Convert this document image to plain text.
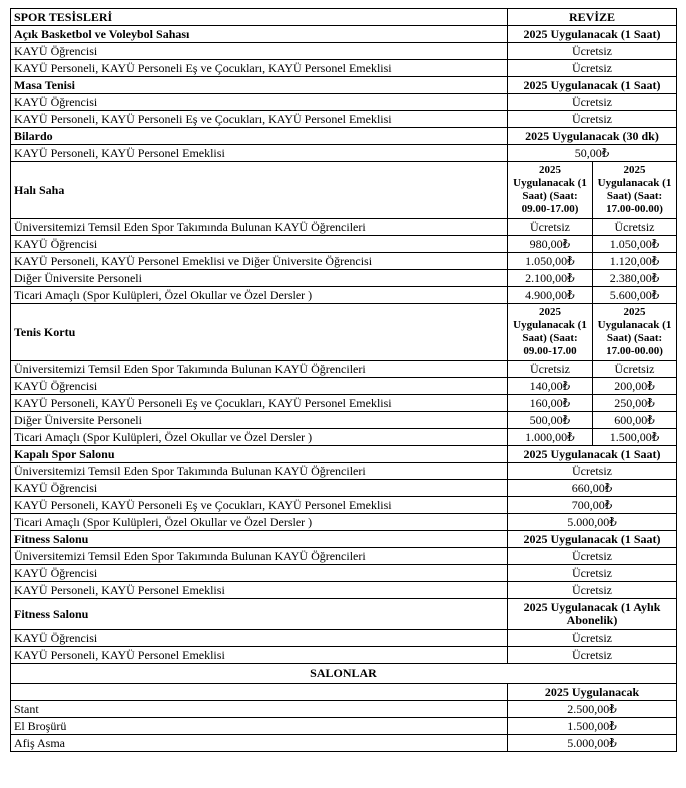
SPOR TESİSLERİ	REVİZE	
Açık Basketbol ve Voleybol Sahası	2025 Uygulanacak (1 Saat)	
KAYÜ Öğrencisi	Ücretsiz	
KAYÜ Personeli, KAYÜ Personeli Eş ve Çocukları, KAYÜ Personel Emeklisi	Ücretsiz	
Masa Tenisi	2025 Uygulanacak (1 Saat)	
KAYÜ Öğrencisi	Ücretsiz	
KAYÜ Personeli, KAYÜ Personeli Eş ve Çocukları, KAYÜ Personel Emeklisi	Ücretsiz	
Bilardo	2025 Uygulanacak (30 dk)	
KAYÜ Personeli, KAYÜ Personel Emeklisi	50,00₺	
Halı Saha	2025 Uygulanacak (1 Saat) (Saat: 09.00-17.00)	2025 Uygulanacak (1 Saat) (Saat: 17.00-00.00)
Üniversitemizi Temsil Eden Spor Takımında Bulunan KAYÜ Öğrencileri	Ücretsiz	Ücretsiz
KAYÜ Öğrencisi	980,00₺	1.050,00₺
KAYÜ Personeli, KAYÜ Personel Emeklisi ve Diğer Üniversite Öğrencisi	1.050,00₺	1.120,00₺
Diğer Üniversite Personeli	2.100,00₺	2.380,00₺
Ticari Amaçlı (Spor Kulüpleri, Özel Okullar ve Özel Dersler )	4.900,00₺	5.600,00₺
Tenis Kortu	2025 Uygulanacak (1 Saat) (Saat: 09.00-17.00	2025 Uygulanacak (1 Saat) (Saat: 17.00-00.00)
Üniversitemizi Temsil Eden Spor Takımında Bulunan KAYÜ Öğrencileri	Ücretsiz	Ücretsiz
KAYÜ Öğrencisi	140,00₺	200,00₺
KAYÜ Personeli, KAYÜ Personeli Eş ve Çocukları, KAYÜ Personel Emeklisi	160,00₺	250,00₺
Diğer Üniversite Personeli	500,00₺	600,00₺
Ticari Amaçlı (Spor Kulüpleri, Özel Okullar ve Özel Dersler )	1.000,00₺	1.500,00₺
Kapalı Spor Salonu	2025 Uygulanacak (1 Saat)	
Üniversitemizi Temsil Eden Spor Takımında Bulunan KAYÜ Öğrencileri	Ücretsiz	
KAYÜ Öğrencisi	660,00₺	
KAYÜ Personeli, KAYÜ Personeli Eş ve Çocukları, KAYÜ Personel Emeklisi	700,00₺	
Ticari Amaçlı (Spor Kulüpleri, Özel Okullar ve Özel Dersler )	5.000,00₺	
Fitness Salonu	2025 Uygulanacak (1 Saat)	
Üniversitemizi Temsil Eden Spor Takımında Bulunan KAYÜ Öğrencileri	Ücretsiz	
KAYÜ Öğrencisi	Ücretsiz	
KAYÜ Personeli, KAYÜ Personel Emeklisi	Ücretsiz	
Fitness Salonu	2025 Uygulanacak (1 Aylık Abonelik)	
KAYÜ Öğrencisi	Ücretsiz	
KAYÜ Personeli, KAYÜ Personel Emeklisi	Ücretsiz	
SALONLAR		
	2025 Uygulanacak	
Stant	2.500,00₺	
El Broşürü	1.500,00₺	
Afiş Asma	5.000,00₺	
